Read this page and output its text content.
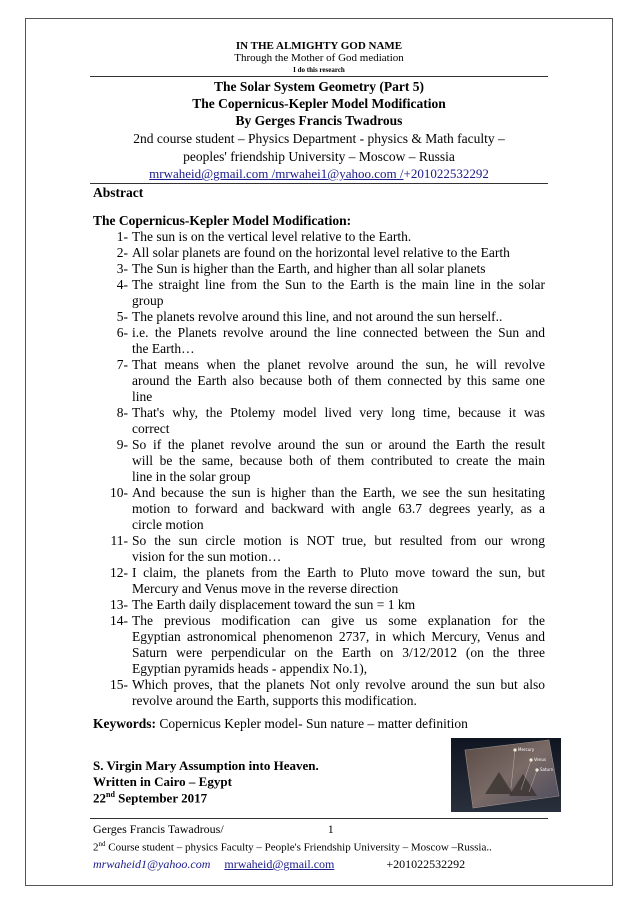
IN THE ALMIGHTY GOD NAME
Through the Mother of God mediation
I do this research
The Solar System Geometry (Part 5)
The Copernicus-Kepler Model Modification
By Gerges Francis Twadrous
2nd course student – Physics Department - physics & Math faculty –
peoples' friendship University – Moscow – Russia
mrwaheid@gmail.com /mrwahei1@yahoo.com /+201022532292
Abstract
The Copernicus-Kepler Model Modification:
1- The sun is on the vertical level relative to the Earth.
2- All solar planets are found on the horizontal level relative to the Earth
3- The Sun is higher than the Earth, and higher than all solar planets
4- The straight line from the Sun to the Earth is the main line in the solar
group
5- The planets revolve around this line, and not around the sun herself..
6- i.e. the Planets revolve around the line connected between the Sun and
the Earth…
7- That means when the planet revolve around the sun, he will revolve
around the Earth also because both of them connected by this same one
line
8- That's why, the Ptolemy model lived very long time, because it was
correct
9- So if the planet revolve around the sun or around the Earth the result
will be the same, because both of them contributed to create the main
line in the solar group
10- And because the sun is higher than the Earth, we see the sun hesitating
motion to forward and backward with angle 63.7 degrees yearly, as a
circle motion
11- So the sun circle motion is NOT true, but resulted from our wrong
vision for the sun motion…
12- I claim, the planets from the Earth to Pluto move toward the sun, but
Mercury and Venus move in the reverse direction
13- The Earth daily displacement toward the sun = 1 km
14- The previous modification can give us some explanation for the
Egyptian astronomical phenomenon 2737, in which Mercury, Venus and
Saturn were perpendicular on the Earth on 3/12/2012 (on the three
Egyptian pyramids heads - appendix No.1),
15- Which proves, that the planets Not only revolve around the sun but also
revolve around the Earth, supports this modification.
Keywords: Copernicus Kepler model- Sun nature – matter definition
S. Virgin Mary Assumption into Heaven.
Written in Cairo – Egypt
22nd September 2017
Mercury
Venus
Saturn
Gerges Francis Tawadrous/	1
2nd Course student – physics Faculty – People's Friendship University – Moscow –Russia..
mrwaheid1@yahoo.com mrwaheid@gmail.com	+201022532292
